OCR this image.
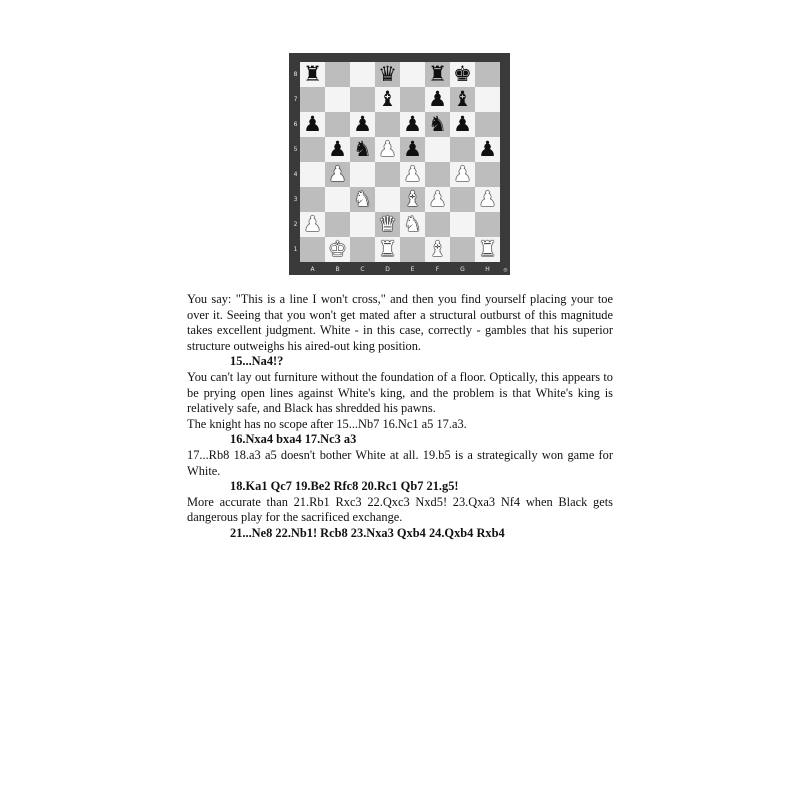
♜	♛ ♜ ♚
♝ ♟ ♝
♟ ♟ ♟ ♞ ♟
♟ ♞ ♟ ♟	♟
♟	♟ ♟
♞ ♝ ♟ ♟
♟	♛ ♞
♚ ♜ ♝ ♜
®
8
7
6
5
4
3
2
1
A	B	C	D	E	F	G	H

You say: "This is a line I won't cross," and then you find yourself placing your toe over it. Seeing that you won't get mated after a structural outburst of this magnitude takes excellent judgment. White - in this case, correctly - gambles that his superior structure outweighs his aired-out king position.

15...Na4!?

You can't lay out furniture without the foundation of a floor. Optically, this appears to be prying open lines against White's king, and the problem is that White's king is relatively safe, and Black has shredded his pawns.

The knight has no scope after 15...Nb7 16.Nc1 a5 17.a3.

16.Nxa4 bxa4 17.Nc3 a3

17...Rb8 18.a3 a5 doesn't bother White at all. 19.b5 is a strategically won game for White.

18.Ka1 Qc7 19.Be2 Rfc8 20.Rc1 Qb7 21.g5!

More accurate than 21.Rb1 Rxc3 22.Qxc3 Nxd5! 23.Qxa3 Nf4 when Black gets dangerous play for the sacrificed exchange.

21...Ne8 22.Nb1! Rcb8 23.Nxa3 Qxb4 24.Qxb4 Rxb4
